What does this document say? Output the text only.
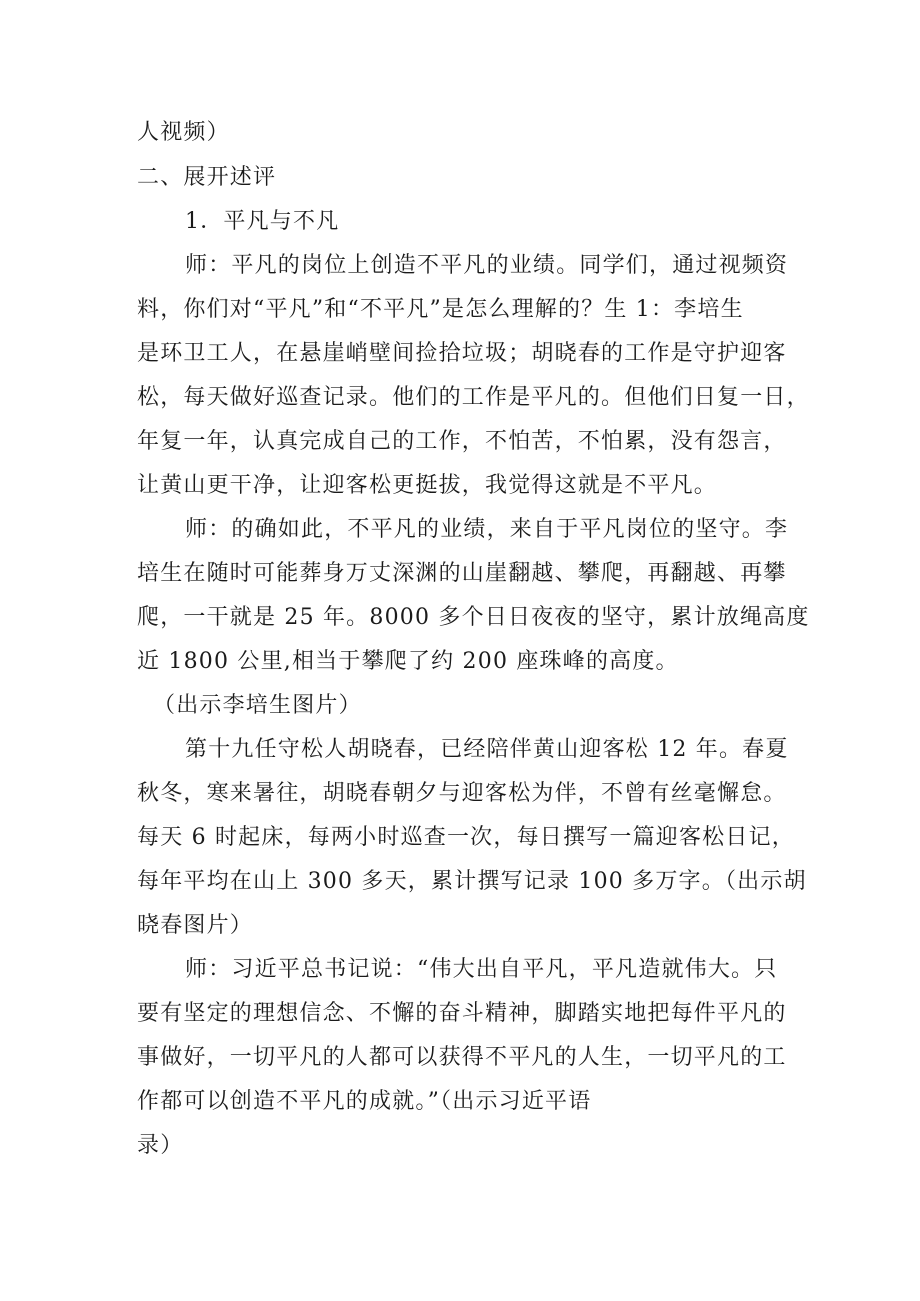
人视频）
二、展开述评
1．平凡与不凡
师：平凡的岗位上创造不平凡的业绩。同学们，通过视频资
料，你们对“平凡”和“不平凡”是怎么理解的？生 1：李培生
是环卫工人，在悬崖峭壁间捡拾垃圾；胡晓春的工作是守护迎客
松，每天做好巡查记录。他们的工作是平凡的。但他们日复一日，
年复一年，认真完成自己的工作，不怕苦，不怕累，没有怨言，
让黄山更干净，让迎客松更挺拔，我觉得这就是不平凡。
师：的确如此，不平凡的业绩，来自于平凡岗位的坚守。李
培生在随时可能葬身万丈深渊的山崖翻越、攀爬，再翻越、再攀
爬，一干就是 25 年。8000 多个日日夜夜的坚守，累计放绳高度
近 1800 公里,相当于攀爬了约 200 座珠峰的高度。
（出示李培生图片）
第十九任守松人胡晓春，已经陪伴黄山迎客松 12 年。春夏
秋冬，寒来暑往，胡晓春朝夕与迎客松为伴，不曾有丝毫懈怠。
每天 6 时起床，每两小时巡查一次，每日撰写一篇迎客松日记，
每年平均在山上 300 多天，累计撰写记录 100 多万字。（出示胡
晓春图片）
师：习近平总书记说：“伟大出自平凡，平凡造就伟大。只
要有坚定的理想信念、不懈的奋斗精神，脚踏实地把每件平凡的
事做好，一切平凡的人都可以获得不平凡的人生，一切平凡的工
作都可以创造不平凡的成就。”（出示习近平语
录）
